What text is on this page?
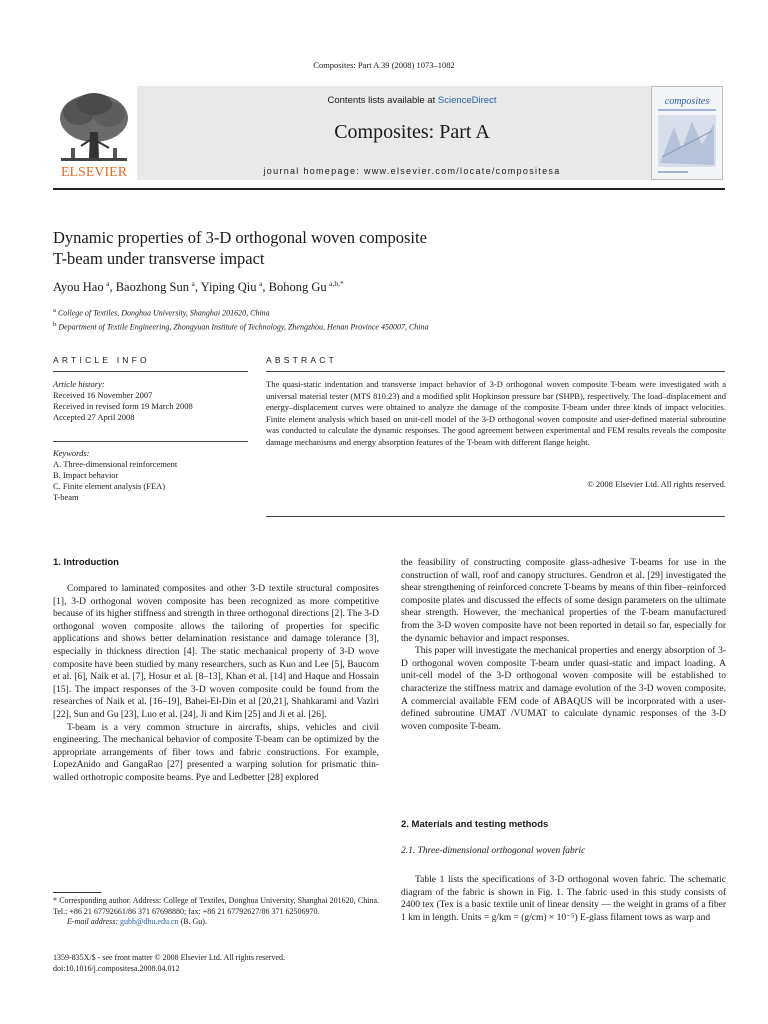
Composites: Part A 39 (2008) 1073–1082
ELSEVIER
Contents lists available at ScienceDirect
Composites: Part A
journal homepage: www.elsevier.com/locate/compositesa
composites
Dynamic properties of 3-D orthogonal woven composite
T-beam under transverse impact
Ayou Hao  $^a$, Baozhong Sun  $^a$, Yiping Qiu  $^a$, Bohong Gu  $^{a,b,*}$
$^a$ College of Textiles, Donghua University, Shanghai 201620, China
$^b$ Department of Textile Engineering, Zhongyuan Institute of Technology, Zhengzhou, Henan Province 450007, China
ARTICLE INFO
Article history:
Received 16 November 2007
Received in revised form 19 March 2008
Accepted 27 April 2008
Keywords:
A. Three-dimensional reinforcement
B. Impact behavior
C. Finite element analysis (FEA)
T-beam
ABSTRACT
The quasi-static indentation and transverse impact behavior of 3-D orthogonal woven composite T-beam were investigated with a universal material tester (MTS 810.23) and a modified split Hopkinson pressure bar (SHPB), respectively. The load–displacement and energy–displacement curves were obtained to analyze the damage of the composite T-beam under three kinds of impact velocities. Finite element analysis which based on unit-cell model of the 3-D orthogonal woven composite and user-defined material subroutine was conducted to calculate the dynamic responses. The good agreement between experimental and FEM results reveals the composite damage mechanisms and energy absorption features of the T-beam with different flange height.
© 2008 Elsevier Ltd. All rights reserved.
1. Introduction

Compared to laminated composites and other 3-D textile structural composites [1], 3-D orthogonal woven composite has been recognized as more competitive because of its higher stiffness and strength in three orthogonal directions [2]. The 3-D orthogonal woven composite allows the tailoring of properties for specific applications and shows better delamination resistance and damage tolerance [3], especially in thickness direction [4]. The static mechanical property of 3-D wove composite have been studied by many researchers, such as Kuo and Lee [5], Baucom et al. [6], Naik et al. [7], Hosur et al. [8–13], Khan et al. [14] and Haque and Hossain [15]. The impact responses of the 3-D woven composite could be found from the researches of Naik et al. [16–19], Bahei-El-Din et al [20,21], Shahkarami and Vaziri [22], Sun and Gu [23], Luo et al. [24], Ji and Kim [25] and Ji et al. [26].

T-beam is a very common structure in aircrafts, ships, vehicles and civil engineering. The mechanical behavior of composite T-beam can be optimized by the appropriate arrangements of fiber tows and fabric constructions. For example, LopezAnido and GangaRao [27] presented a warping solution for prismatic thin-walled orthotropic composite beams. Pye and Ledbetter [28] explored

the feasibility of constructing composite glass-adhesive T-beams for use in the construction of wall, roof and canopy structures. Gendron et al. [29] investigated the shear strengthening of reinforced concrete T-beams by means of thin fiber–reinforced composite plates and discussed the effects of some design parameters on the ultimate shear strength. However, the mechanical properties of the T-beam manufactured from the 3-D woven composite have not been reported in detail so far, especially for the dynamic behavior and impact responses.

This paper will investigate the mechanical properties and energy absorption of 3-D orthogonal woven composite T-beam under quasi-static and impact loading. A unit-cell model of the 3-D orthogonal woven composite will be established to characterize the stiffness matrix and damage evolution of the 3-D woven composite. A commercial available FEM code of ABAQUS will be incorporated with a user-defined subroutine UMAT /VUMAT to calculate dynamic responses of the 3-D woven composite T-beam.

2. Materials and testing methods
2.1. Three-dimensional orthogonal woven fabric

Table 1 lists the specifications of 3-D orthogonal woven fabric. The schematic diagram of the fabric is shown in Fig. 1. The fabric used in this study consists of 2400 tex (Tex is a basic textile unit of linear density — the weight in grams of a fiber 1 km in length. Units = g/km = (g/cm) × 10⁻⁵) E-glass filament tows as warp and

* Corresponding author. Address: College of Textiles, Donghua University, Shanghai 201620, China. Tel.: +86 21 67792661/86 371 67698880; fax: +86 21 67792627/86 371 62506970.
E-mail address: gubh@dhu.edu.cn (B. Gu).
1359-835X/$ - see front matter © 2008 Elsevier Ltd. All rights reserved.
doi:10.1016/j.compositesa.2008.04.012
